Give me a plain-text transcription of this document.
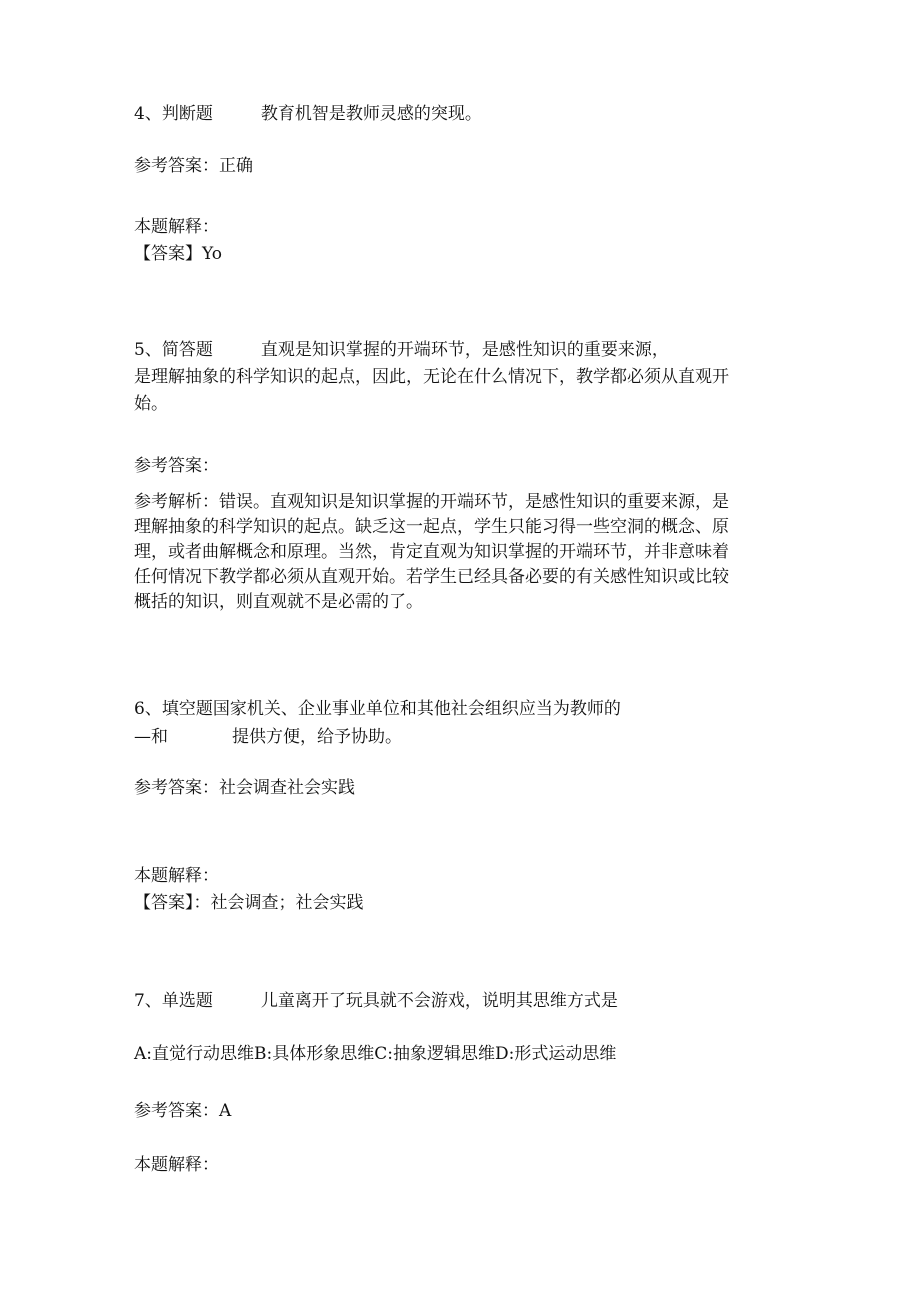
4、判断题	教育机智是教师灵感的突现。
参考答案：正确
本题解释：
【答案】Yo
5、简答题	直观是知识掌握的开端环节，是感性知识的重要来源，
是理解抽象的科学知识的起点，因此，无论在什么情况下，教学都必须从直观开
始。
参考答案：
参考解析：错误。直观知识是知识掌握的开端环节，是感性知识的重要来源，是
理解抽象的科学知识的起点。缺乏这一起点，学生只能习得一些空洞的概念、原
理，或者曲解概念和原理。当然，肯定直观为知识掌握的开端环节，并非意味着
任何情况下教学都必须从直观开始。若学生已经具备必要的有关感性知识或比较
概括的知识，则直观就不是必需的了。
6、填空题国家机关、企业事业单位和其他社会组织应当为教师的
—和	提供方便，给予协助。
参考答案：社会调查社会实践
本题解释：
【答案】：社会调查；社会实践
7、单选题	儿童离开了玩具就不会游戏，说明其思维方式是
A:直觉行动思维B:具体形象思维C:抽象逻辑思维D:形式运动思维
参考答案：A
本题解释：
